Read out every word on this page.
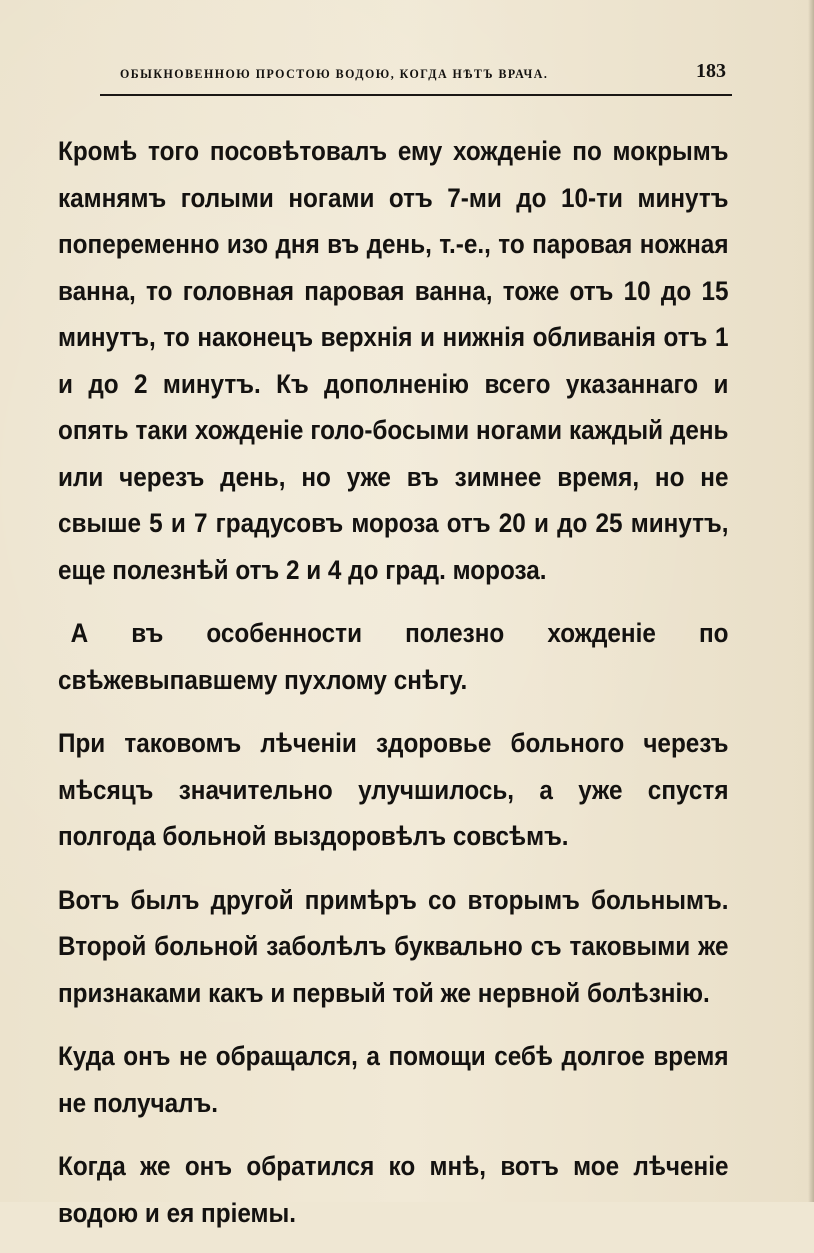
ОБЫКНОВЕННОЮ ПРОСТОЮ ВОДОЮ, КОГДА НѢТЪ ВРАЧА.	183

Кромѣ того посовѣтовалъ ему хожденіе по мокрымъ камнямъ голыми ногами отъ 7-ми до 10-ти минутъ попеременно изо дня въ день, т.-е., то паровая ножная ванна, то головная паровая ванна, тоже отъ 10 до 15 минутъ, то наконецъ верхнія и нижнія обливанія отъ 1 и до 2 минутъ. Къ дополненію всего указаннаго и опять таки хожденіе голо-босыми ногами каждый день или черезъ день, но уже въ зимнее время, но не свыше 5 и 7 градусовъ мороза отъ 20 и до 25 минутъ, еще полезнѣй отъ 2 и 4 до град. мороза.

А въ особенности полезно хожденіе по свѣжевыпавшему пухлому снѣгу.

При таковомъ лѣченіи здоровье больного черезъ мѣсяцъ значительно улучшилось, а уже спустя полгода больной выздоровѣлъ совсѣмъ.

Вотъ былъ другой примѣръ со вторымъ больнымъ. Второй больной заболѣлъ буквально съ таковыми же признаками какъ и первый той же нервной болѣзнію.

Куда онъ не обращался, а помощи себѣ долгое время не получалъ.

Когда же онъ обратился ко мнѣ, вотъ мое лѣченіе водою и ея пріемы.
